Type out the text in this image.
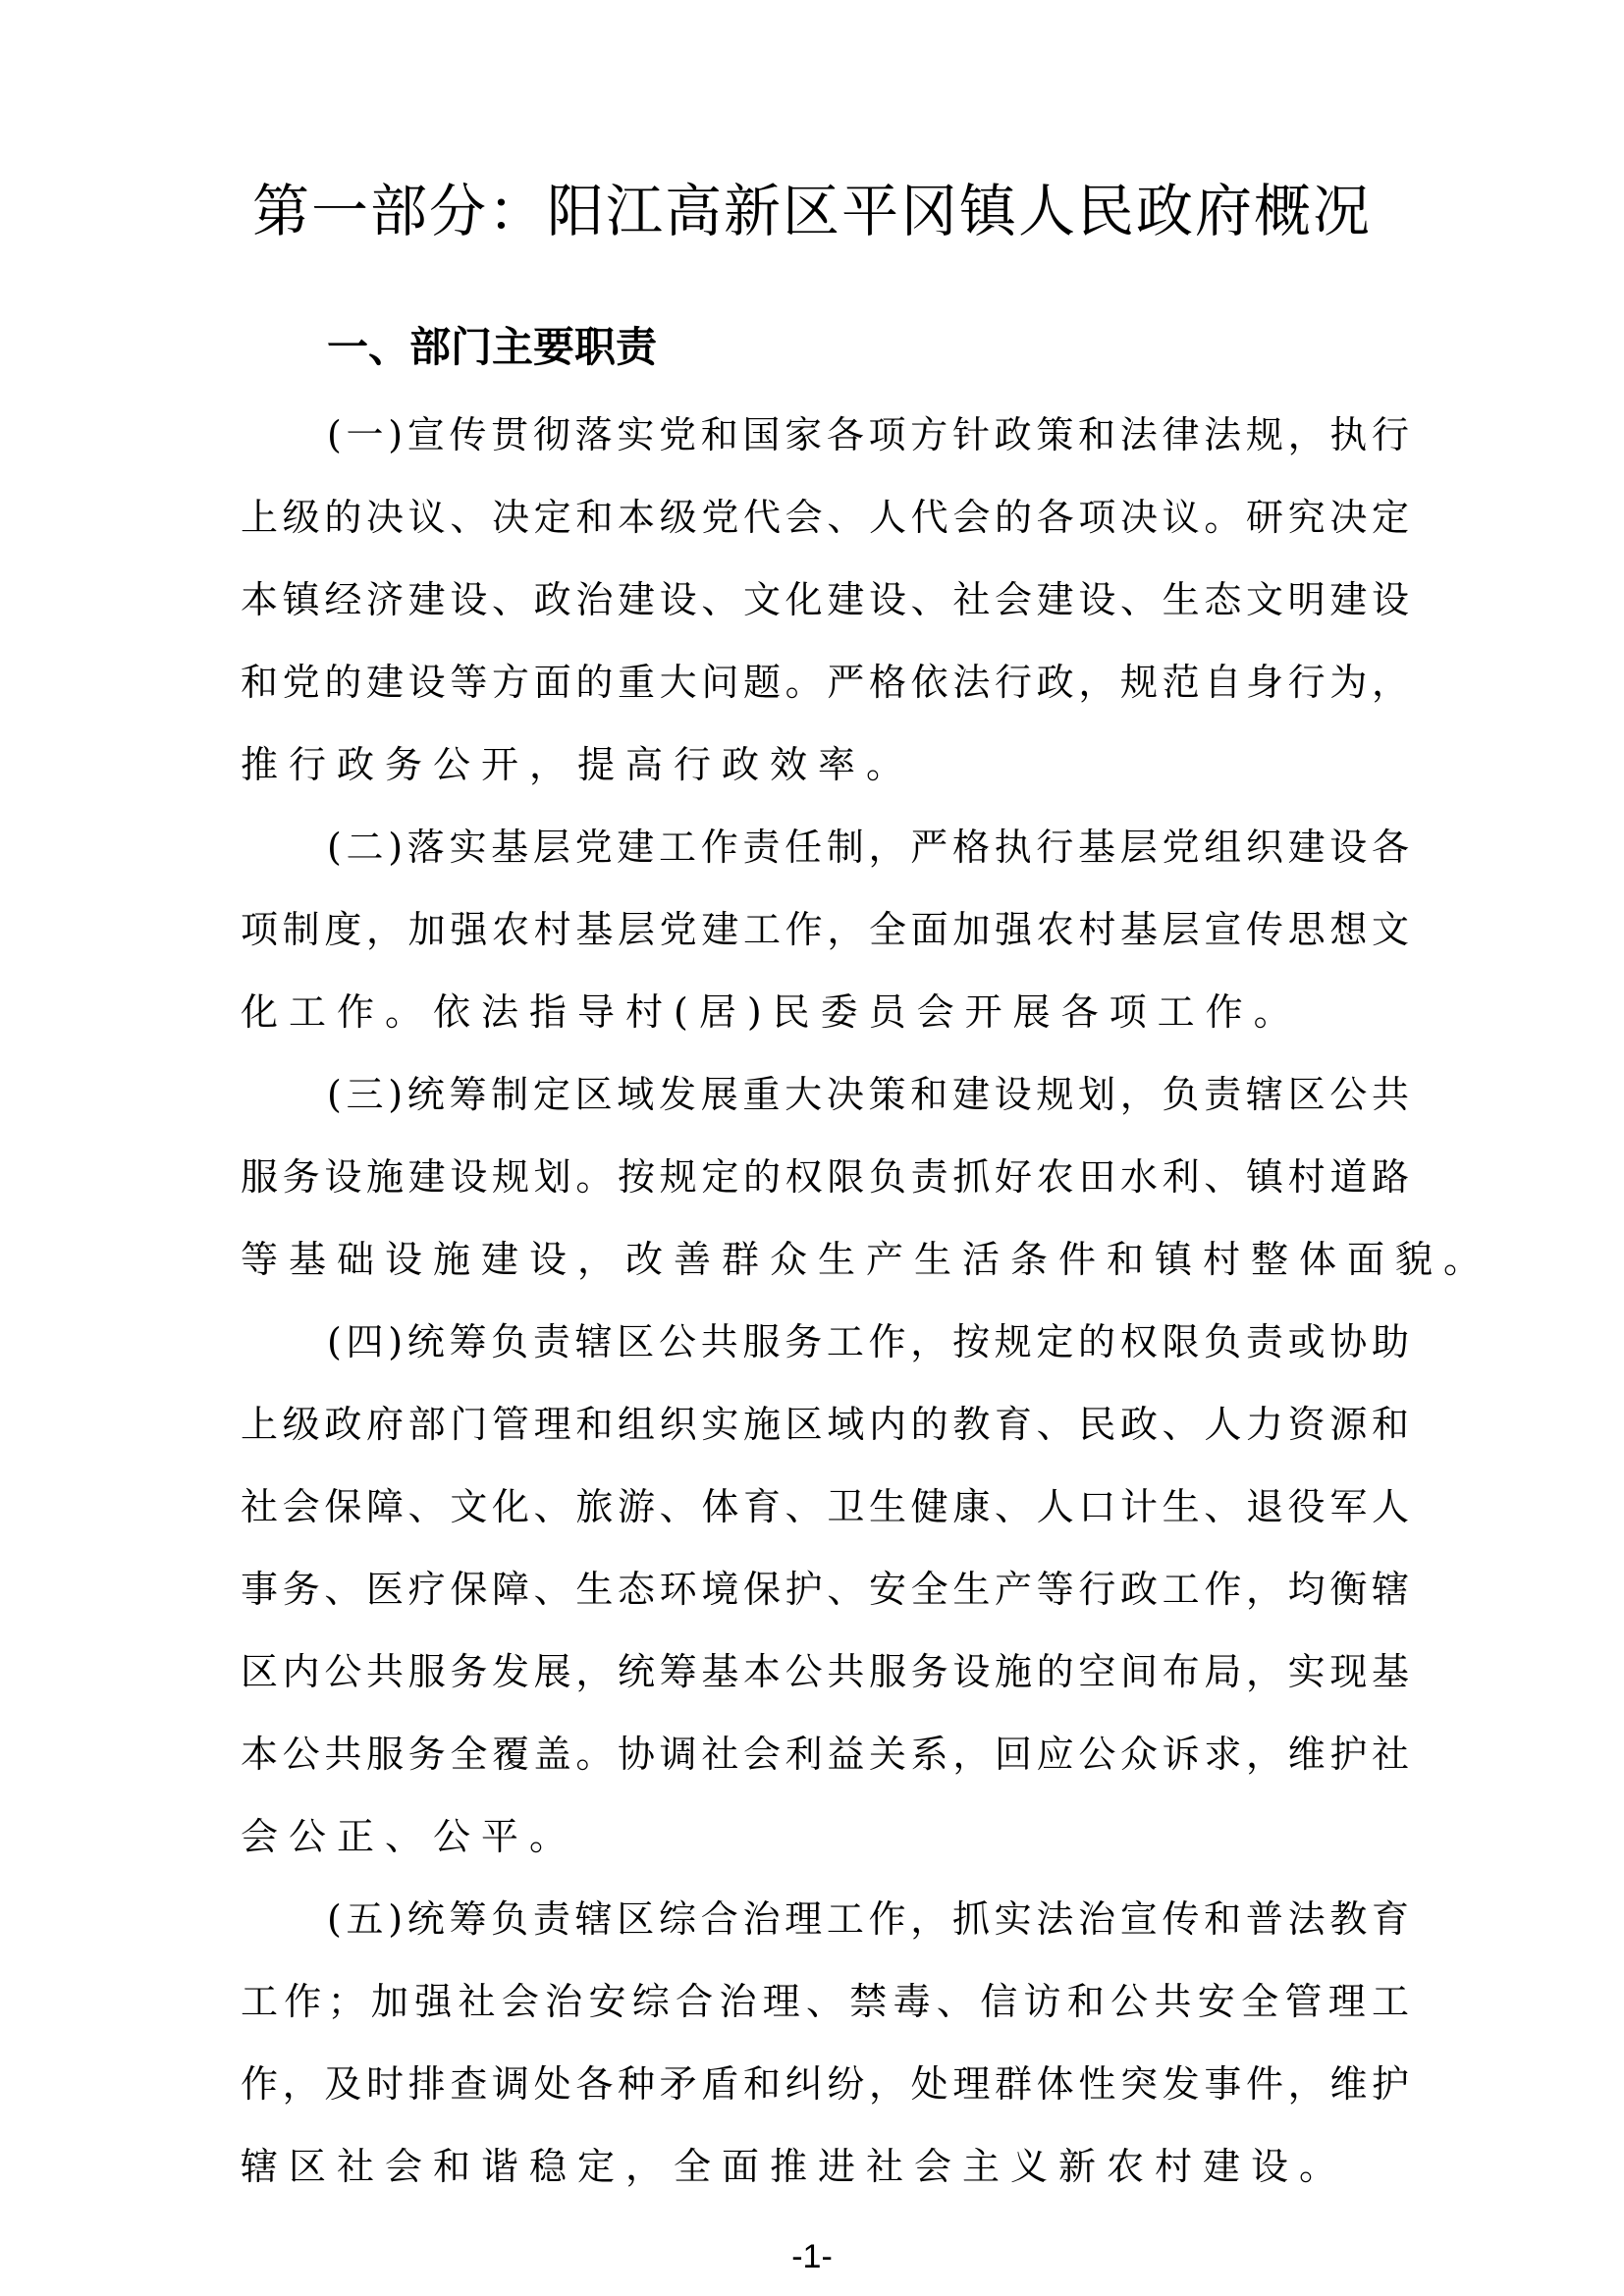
第一部分：阳江高新区平冈镇人民政府概况
一、部门主要职责
(一)宣传贯彻落实党和国家各项方针政策和法律法规，执行
上级的决议、决定和本级党代会、人代会的各项决议。研究决定
本镇经济建设、政治建设、文化建设、社会建设、生态文明建设
和党的建设等方面的重大问题。严格依法行政，规范自身行为，
推行政务公开，提高行政效率。
(二)落实基层党建工作责任制，严格执行基层党组织建设各
项制度，加强农村基层党建工作，全面加强农村基层宣传思想文
化工作。依法指导村(居)民委员会开展各项工作。
(三)统筹制定区域发展重大决策和建设规划，负责辖区公共
服务设施建设规划。按规定的权限负责抓好农田水利、镇村道路
等基础设施建设，改善群众生产生活条件和镇村整体面貌。
(四)统筹负责辖区公共服务工作，按规定的权限负责或协助
上级政府部门管理和组织实施区域内的教育、民政、人力资源和
社会保障、文化、旅游、体育、卫生健康、人口计生、退役军人
事务、医疗保障、生态环境保护、安全生产等行政工作，均衡辖
区内公共服务发展，统筹基本公共服务设施的空间布局，实现基
本公共服务全覆盖。协调社会利益关系，回应公众诉求，维护社
会公正、公平。
(五)统筹负责辖区综合治理工作，抓实法治宣传和普法教育
工作；加强社会治安综合治理、禁毒、信访和公共安全管理工
作，及时排查调处各种矛盾和纠纷，处理群体性突发事件，维护
辖区社会和谐稳定，全面推进社会主义新农村建设。
-1-
